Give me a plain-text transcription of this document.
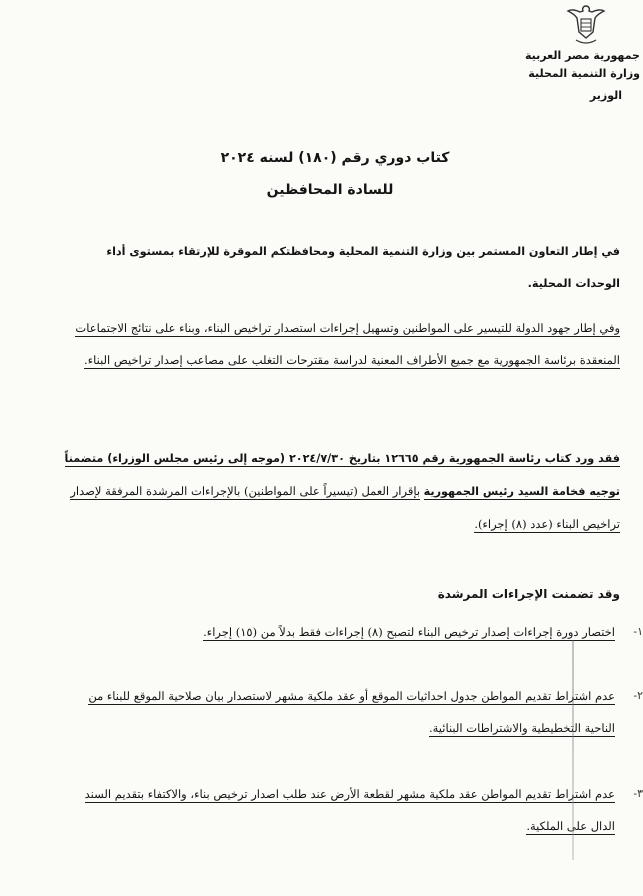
جمهورية مصر العربية
وزارة التنمية المحلية
الوزير
كتاب دوري رقم (١٨٠) لسنه ٢٠٢٤
للسادة المحافظين
في إطار التعاون المستمر بين وزارة التنمية المحلية ومحافظتكم الموقرة للإرتقاء بمستوى أداء الوحدات المحلية.
وفي إطار جهود الدولة للتيسير على المواطنين وتسهيل إجراءات استصدار تراخيص البناء، وبناء على نتائج الاجتماعات المنعقدة برئاسة الجمهورية مع جميع الأطراف المعنية لدراسة مقترحات التغلب على مصاعب إصدار تراخيص البناء.
فقد ورد كتاب رئاسة الجمهورية رقم ١٢٦٦٥ بتاريخ ٢٠٢٤/٧/٣٠ (موجه إلى رئيس مجلس الوزراء) متضمناً توجيه فخامة السيد رئيس الجمهورية بإقرار العمل (تيسيراً على المواطنين) بالإجراءات المرشدة المرفقة لإصدار تراخيص البناء (عدد (٨) إجراء).
وقد تضمنت الإجراءات المرشدة
١-
اختصار دورة إجراءات إصدار ترخيص البناء لتصبح (٨) إجراءات فقط بدلاً من (١٥) إجراء.
٢-
عدم اشتراط تقديم المواطن جدول احداثيات الموقع أو عقد ملكية مشهر لاستصدار بيان صلاحية الموقع للبناء من الناحية التخطيطية والاشتراطات البنائية.
٣-
عدم اشتراط تقديم المواطن عقد ملكية مشهر لقطعة الأرض عند طلب اصدار ترخيص بناء، والاكتفاء بتقديم السند الدال على الملكية.
